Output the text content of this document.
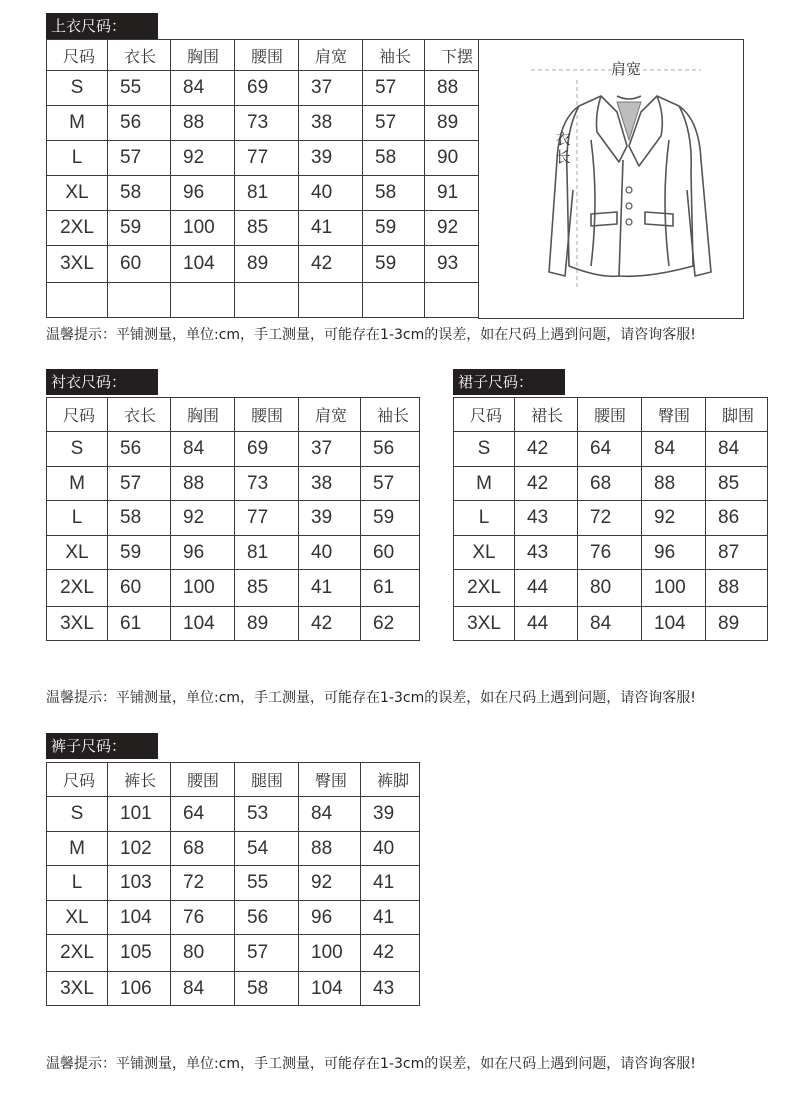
上衣尺码：
尺码	衣长	胸围	腰围	肩宽	袖长	下摆

S	55	84	69	37	57	88

M	56	88	73	38	57	89

L	57	92	77	39	58	90

XL	58	96	81	40	58	91

2XL	59	100	85	41	59	92

3XL	60	104	89	42	59	93

肩宽
衣
长
温馨提示：平铺测量，单位:cm，手工测量，可能存在1-3cm的误差，如在尺码上遇到问题，请咨询客服!
衬衣尺码：
尺码	衣长	胸围	腰围	肩宽	袖长

S	56	84	69	37	56

M	57	88	73	38	57

L	58	92	77	39	59

XL	59	96	81	40	60

2XL	60	100	85	41	61

3XL	61	104	89	42	62
裙子尺码：
尺码	裙长	腰围	臀围	脚围

S	42	64	84	84

M	42	68	88	85

L	43	72	92	86

XL	43	76	96	87

2XL	44	80	100	88

3XL	44	84	104	89
温馨提示：平铺测量，单位:cm，手工测量，可能存在1-3cm的误差，如在尺码上遇到问题，请咨询客服!
裤子尺码：
尺码	裤长	腰围	腿围	臀围	裤脚

S	101	64	53	84	39

M	102	68	54	88	40

L	103	72	55	92	41

XL	104	76	56	96	41

2XL	105	80	57	100	42

3XL	106	84	58	104	43
温馨提示：平铺测量，单位:cm，手工测量，可能存在1-3cm的误差，如在尺码上遇到问题，请咨询客服!
